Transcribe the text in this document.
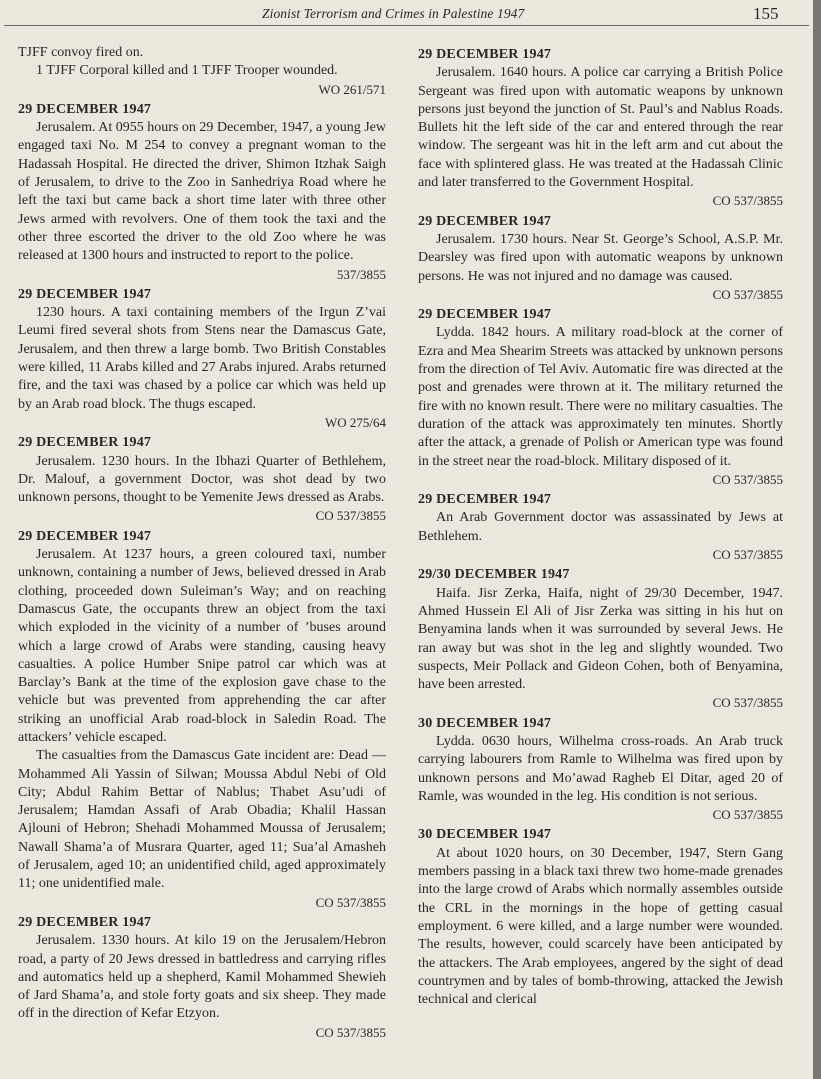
Zionist Terrorism and Crimes in Palestine 1947	155

TJFF convoy fired on.

1 TJFF Corporal killed and 1 TJFF Trooper wounded.

WO 261/571
29 DECEMBER 1947

Jerusalem. At 0955 hours on 29 December, 1947, a young Jew engaged taxi No. M 254 to convey a pregnant woman to the Hadassah Hospital. He directed the driver, Shimon Itzhak Saigh of Jerusalem, to drive to the Zoo in Sanhedriya Road where he left the taxi but came back a short time later with three other Jews armed with revolvers. One of them took the taxi and the other three escorted the driver to the old Zoo where he was released at 1300 hours and instructed to report to the police.

537/3855
29 DECEMBER 1947

1230 hours. A taxi containing members of the Irgun Z’vai Leumi fired several shots from Stens near the Damascus Gate, Jerusalem, and then threw a large bomb. Two British Constables were killed, 11 Arabs killed and 27 Arabs injured. Arabs returned fire, and the taxi was chased by a police car which was held up by an Arab road block. The thugs escaped.

WO 275/64
29 DECEMBER 1947

Jerusalem. 1230 hours. In the Ibhazi Quarter of Bethlehem, Dr. Malouf, a government Doctor, was shot dead by two unknown persons, thought to be Yemenite Jews dressed as Arabs.

CO 537/3855
29 DECEMBER 1947

Jerusalem. At 1237 hours, a green coloured taxi, number unknown, containing a number of Jews, believed dressed in Arab clothing, proceeded down Suleiman’s Way; and on reaching Damascus Gate, the occupants threw an object from the taxi which exploded in the vicinity of a number of ’buses around which a large crowd of Arabs were standing, causing heavy casualties. A police Humber Snipe patrol car which was at Barclay’s Bank at the time of the explosion gave chase to the vehicle but was prevented from apprehending the car after striking an unofficial Arab road-block in Saledin Road. The attackers’ vehicle escaped.

The casualties from the Damascus Gate incident are: Dead — Mohammed Ali Yassin of Silwan; Moussa Abdul Nebi of Old City; Abdul Rahim Bettar of Nablus; Thabet Asu’udi of Jerusalem; Hamdan Assafi of Arab Obadia; Khalil Hassan Ajlouni of Hebron; Shehadi Mohammed Moussa of Jerusalem; Nawall Shama’a of Musrara Quarter, aged 11; Sua’al Amasheh of Jerusalem, aged 10; an unidentified child, aged approximately 11; one unidentified male.

CO 537/3855
29 DECEMBER 1947

Jerusalem. 1330 hours. At kilo 19 on the Jerusalem/Hebron road, a party of 20 Jews dressed in battledress and carrying rifles and automatics held up a shepherd, Kamil Mohammed Shewieh of Jard Shama’a, and stole forty goats and six sheep. They made off in the direction of Kefar Etzyon.

CO 537/3855
29 DECEMBER 1947

Jerusalem. 1640 hours. A police car carrying a British Police Sergeant was fired upon with automatic weapons by unknown persons just beyond the junction of St. Paul’s and Nablus Roads. Bullets hit the left side of the car and entered through the rear window. The sergeant was hit in the left arm and cut about the face with splintered glass. He was treated at the Hadassah Clinic and later transferred to the Government Hospital.

CO 537/3855
29 DECEMBER 1947

Jerusalem. 1730 hours. Near St. George’s School, A.S.P. Mr. Dearsley was fired upon with automatic weapons by unknown persons. He was not injured and no damage was caused.

CO 537/3855
29 DECEMBER 1947

Lydda. 1842 hours. A military road-block at the corner of Ezra and Mea Shearim Streets was attacked by unknown persons from the direction of Tel Aviv. Automatic fire was directed at the post and grenades were thrown at it. The military returned the fire with no known result. There were no military casualties. The duration of the attack was approximately ten minutes. Shortly after the attack, a grenade of Polish or American type was found in the street near the road-block. Military disposed of it.

CO 537/3855
29 DECEMBER 1947

An Arab Government doctor was assassinated by Jews at Bethlehem.

CO 537/3855
29/30 DECEMBER 1947

Haifa. Jisr Zerka, Haifa, night of 29/30 December, 1947. Ahmed Hussein El Ali of Jisr Zerka was sitting in his hut on Benyamina lands when it was surrounded by several Jews. He ran away but was shot in the leg and slightly wounded. Two suspects, Meir Pollack and Gideon Cohen, both of Benyamina, have been arrested.

CO 537/3855
30 DECEMBER 1947

Lydda. 0630 hours, Wilhelma cross-roads. An Arab truck carrying labourers from Ramle to Wilhelma was fired upon by unknown persons and Mo’awad Ragheb El Ditar, aged 20 of Ramle, was wounded in the leg. His condition is not serious.

CO 537/3855
30 DECEMBER 1947

At about 1020 hours, on 30 December, 1947, Stern Gang members passing in a black taxi threw two home-made grenades into the large crowd of Arabs which normally assembles outside the CRL in the mornings in the hope of getting casual employment. 6 were killed, and a large number were wounded. The results, however, could scarcely have been anticipated by the attackers. The Arab employees, angered by the sight of dead countrymen and by tales of bomb-throwing, attacked the Jewish technical and clerical
